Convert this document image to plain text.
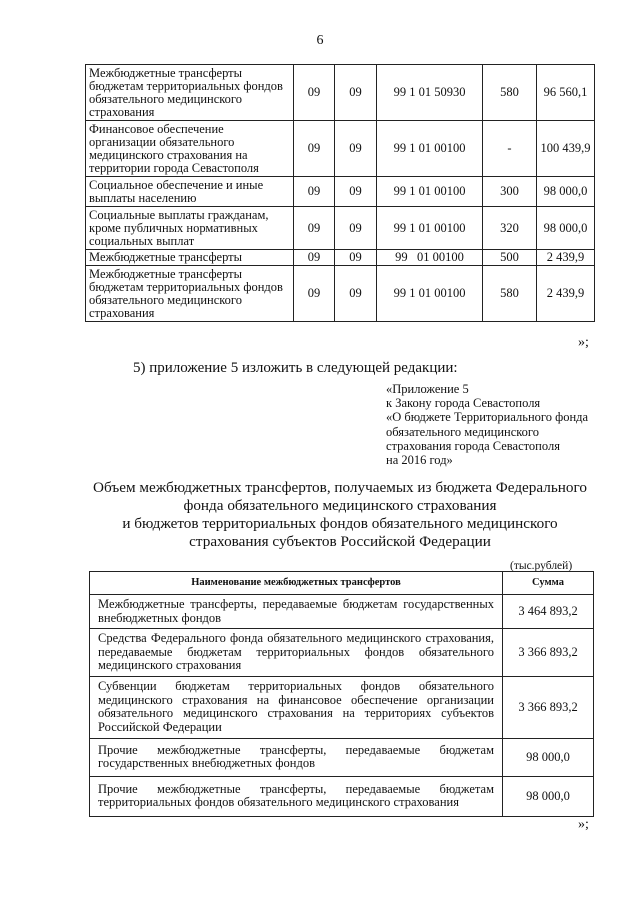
6
Межбюджетные трансферты бюджетам территориальных фондов обязательного медицинского страхования	09	09	99 1 01 50930	580	96 560,1
Финансовое обеспечение организации обязательного медицинского страхования на территории города Севастополя	09	09	99 1 01 00100	-	100 439,9
Социальное обеспечение и иные выплаты населению	09	09	99 1 01 00100	300	98 000,0
Социальные выплаты гражданам, кроме публичных нормативных социальных выплат	09	09	99 1 01 00100	320	98 000,0
Межбюджетные трансферты	09	09	99   01 00100	500	2 439,9
Межбюджетные трансферты бюджетам территориальных фондов обязательного медицинского страхования	09	09	99 1 01 00100	580	2 439,9
»;
5) приложение 5 изложить в следующей редакции:
«Приложение 5
к Закону города Севастополя
«О бюджете Территориального фонда
обязательного медицинского
страхования города Севастополя
на 2016 год»
Объем межбюджетных трансфертов, получаемых из бюджета Федерального
фонда обязательного медицинского страхования
и бюджетов территориальных фондов обязательного медицинского
страхования субъектов Российской Федерации
(тыс.рублей)
Наименование межбюджетных трансфертов	Сумма
Межбюджетные трансферты, передаваемые бюджетам государственных внебюджетных фондов	3 464 893,2
Средства Федерального фонда обязательного медицинского страхования, передаваемые бюджетам территориальных фондов обязательного медицинского страхования	3 366 893,2
Субвенции бюджетам территориальных фондов обязательного медицинского страхования на финансовое обеспечение организации обязательного медицинского страхования на территориях субъектов Российской Федерации	3 366 893,2
Прочие межбюджетные трансферты, передаваемые бюджетам государственных внебюджетных фондов	98 000,0
Прочие межбюджетные трансферты, передаваемые бюджетам территориальных фондов обязательного медицинского страхования	98 000,0
»;
